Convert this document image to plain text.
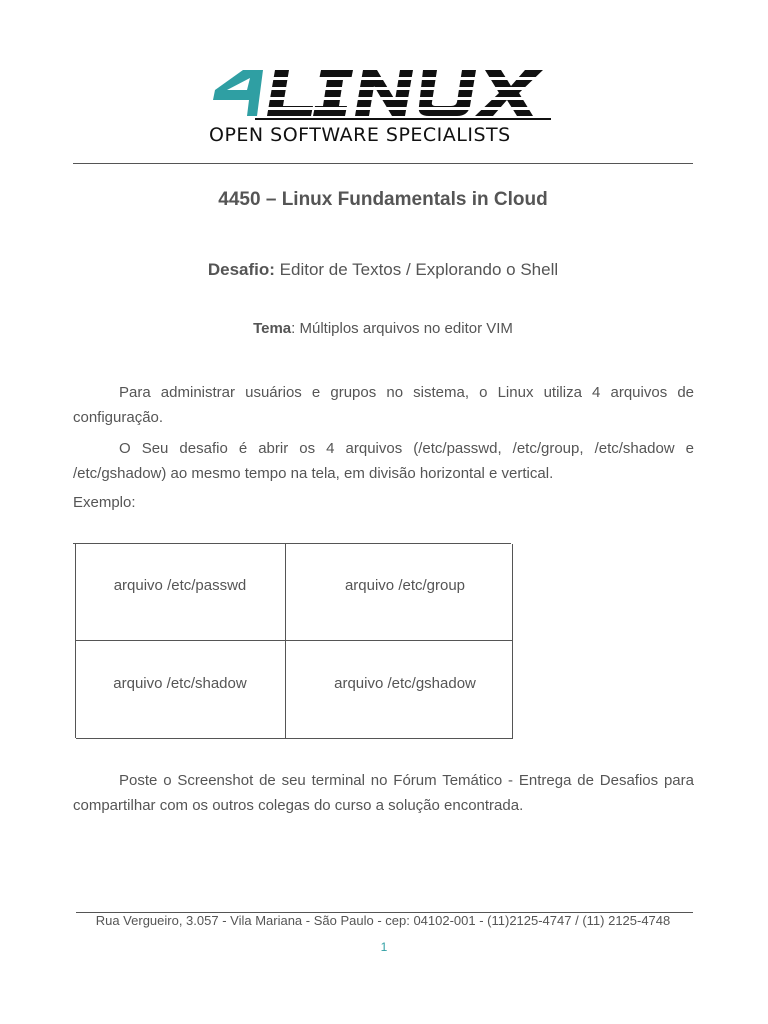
OPEN SOFTWARE SPECIALISTS
4450 – Linux Fundamentals in Cloud
Desafio: Editor de Textos / Explorando o Shell
Tema: Múltiplos arquivos no editor VIM
Para administrar usuários e grupos no sistema, o Linux utiliza 4 arquivos de configuração.
O Seu desafio é abrir os 4 arquivos (/etc/passwd, /etc/group, /etc/shadow e /etc/gshadow) ao mesmo tempo na tela, em divisão horizontal e vertical.
Exemplo:
arquivo /etc/passwd	arquivo /etc/group
arquivo /etc/shadow	arquivo /etc/gshadow
Poste o Screenshot de seu terminal no Fórum Temático - Entrega de Desafios para compartilhar com os outros colegas do curso a solução encontrada.
Rua Vergueiro, 3.057 - Vila Mariana - São Paulo - cep: 04102-001 - (11)2125-4747 / (11) 2125-4748
1
